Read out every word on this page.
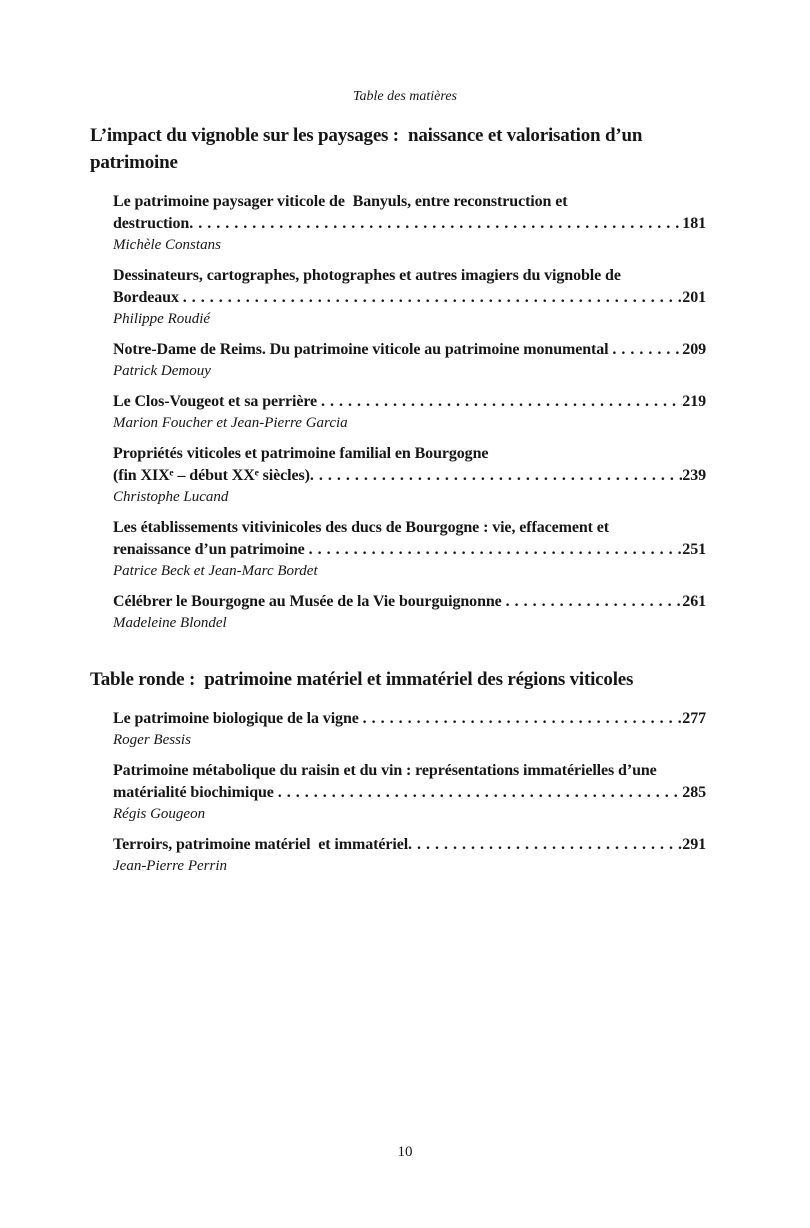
Table des matières
L’impact du vignoble sur les paysages :  naissance et valorisation d’un
patrimoine
Le patrimoine paysager viticole de  Banyuls, entre reconstruction et
destruction . . .	181
Michèle Constans
Dessinateurs, cartographes, photographes et autres imagiers du vignoble de
Bordeaux . . .	201
Philippe Roudié
Notre-Dame de Reims. Du patrimoine viticole au patrimoine monumental . . .	209
Patrick Demouy
Le Clos-Vougeot et sa perrière . . .	219
Marion Foucher et Jean-Pierre Garcia
Propriétés viticoles et patrimoine familial en Bourgogne
(fin XIXᵉ – début XXᵉ siècles) . . .	239
Christophe Lucand
Les établissements vitivinicoles des ducs de Bourgogne : vie, effacement et
renaissance d’un patrimoine . . .	251
Patrice Beck et Jean-Marc Bordet
Célébrer le Bourgogne au Musée de la Vie bourguignonne . . .	261
Madeleine Blondel
Table ronde :  patrimoine matériel et immatériel des régions viticoles
Le patrimoine biologique de la vigne . . .	277
Roger Bessis
Patrimoine métabolique du raisin et du vin : représentations immatérielles d’une
matérialité biochimique . . .	285
Régis Gougeon
Terroirs, patrimoine matériel  et immatériel . . .	291
Jean-Pierre Perrin
10
